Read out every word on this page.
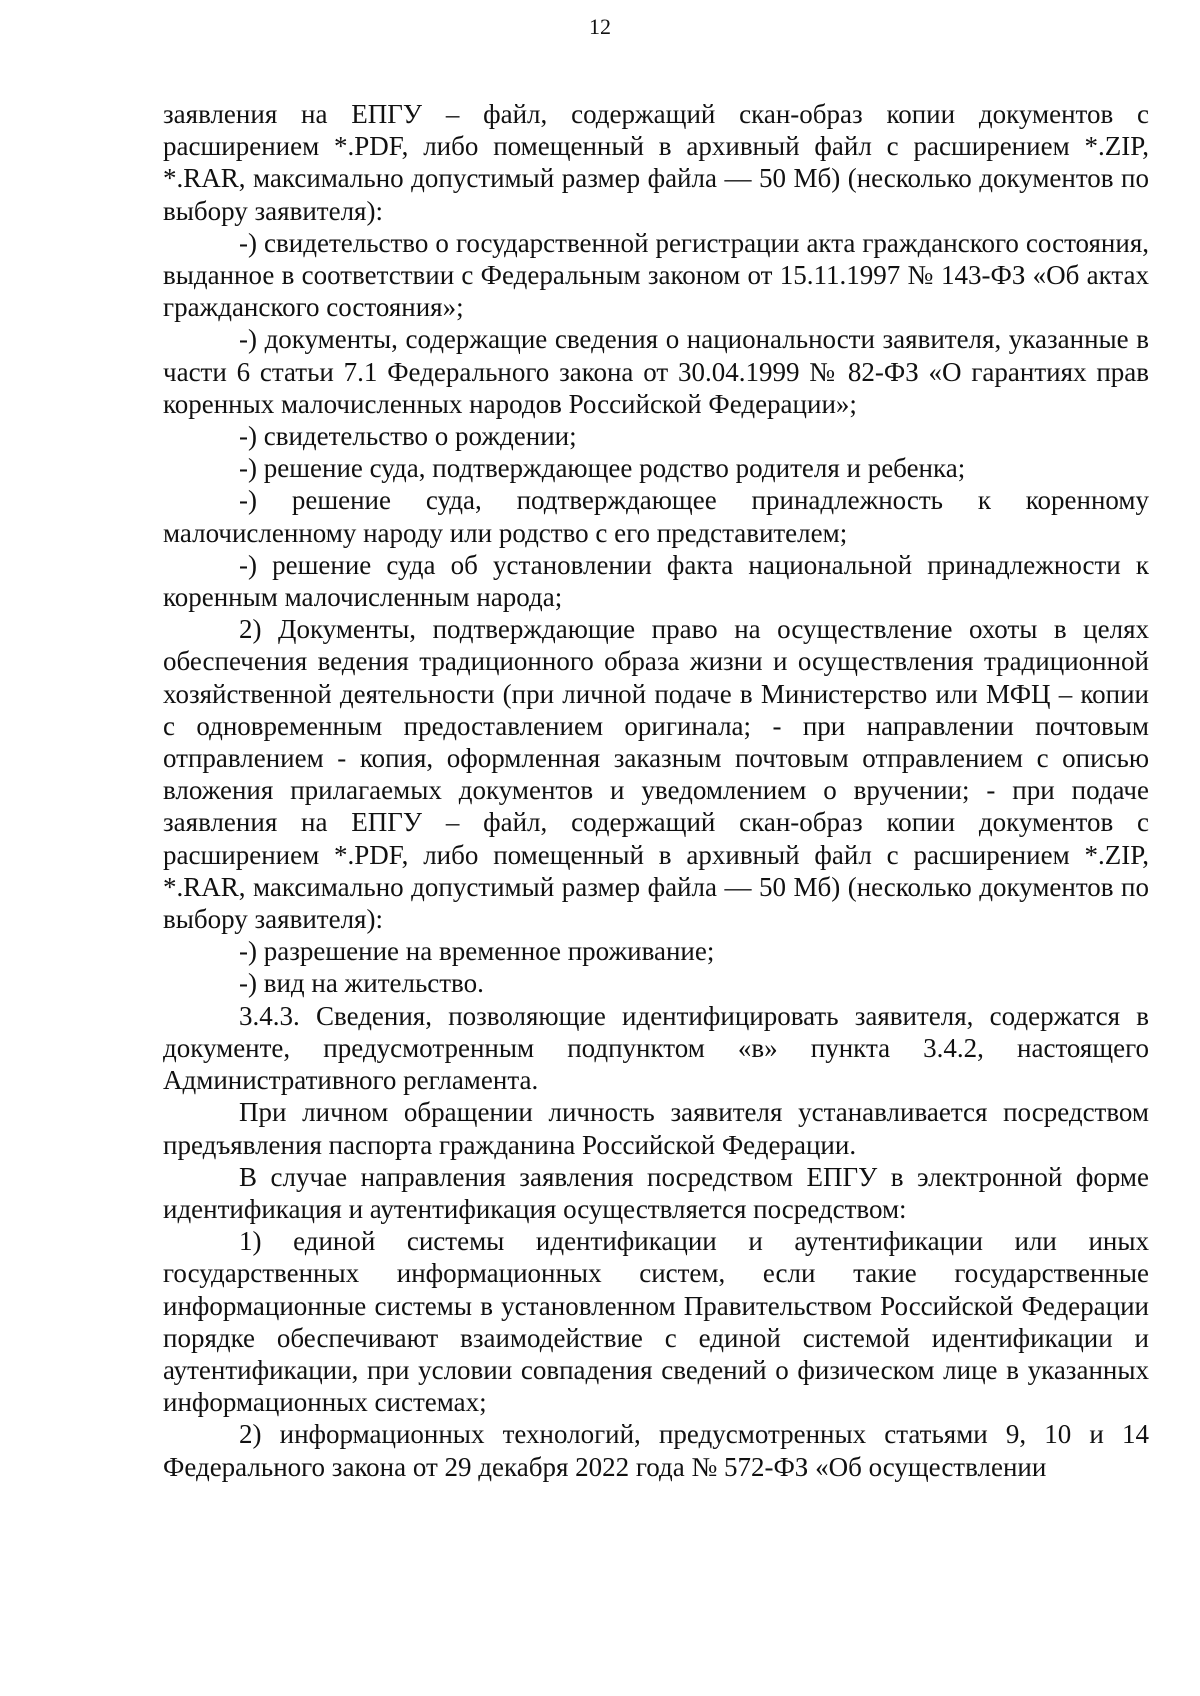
12

заявления на ЕПГУ – файл, содержащий скан-образ копии документов с расширением *.PDF, либо помещенный в архивный файл с расширением *.ZIP, *.RAR, максимально допустимый размер файла — 50 Мб) (несколько документов по выбору заявителя):

-) свидетельство о государственной регистрации акта гражданского состояния, выданное в соответствии с Федеральным законом от 15.11.1997 № 143-ФЗ «Об актах гражданского состояния»;

-) документы, содержащие сведения о национальности заявителя, указанные в части 6 статьи 7.1 Федерального закона от 30.04.1999 № 82-ФЗ «О гарантиях прав коренных малочисленных народов Российской Федерации»;

-) свидетельство о рождении;

-) решение суда, подтверждающее родство родителя и ребенка;

-) решение суда, подтверждающее принадлежность к коренному малочисленному народу или родство с его представителем;

-) решение суда об установлении факта национальной принадлежности к коренным малочисленным народа;

2) Документы, подтверждающие право на осуществление охоты в целях обеспечения ведения традиционного образа жизни и осуществления традиционной хозяйственной деятельности (при личной подаче в Министерство или МФЦ – копии с одновременным предоставлением оригинала; - при направлении почтовым отправлением - копия, оформленная заказным почтовым отправлением с описью вложения прилагаемых документов и уведомлением о вручении; - при подаче заявления на ЕПГУ – файл, содержащий скан-образ копии документов с расширением *.PDF, либо помещенный в архивный файл с расширением *.ZIP, *.RAR, максимально допустимый размер файла — 50 Мб) (несколько документов по выбору заявителя):

-) разрешение на временное проживание;

-) вид на жительство.

3.4.3. Сведения, позволяющие идентифицировать заявителя, содержатся в документе, предусмотренным подпунктом «в» пункта 3.4.2, настоящего Административного регламента.

При личном обращении личность заявителя устанавливается посредством предъявления паспорта гражданина Российской Федерации.

В случае направления заявления посредством ЕПГУ в электронной форме идентификация и аутентификация осуществляется посредством:

1) единой системы идентификации и аутентификации или иных государственных информационных систем, если такие государственные информационные системы в установленном Правительством Российской Федерации порядке обеспечивают взаимодействие с единой системой идентификации и аутентификации, при условии совпадения сведений о физическом лице в указанных информационных системах;

2) информационных технологий, предусмотренных статьями 9, 10 и 14 Федерального закона от 29 декабря 2022 года № 572-ФЗ «Об осуществлении
